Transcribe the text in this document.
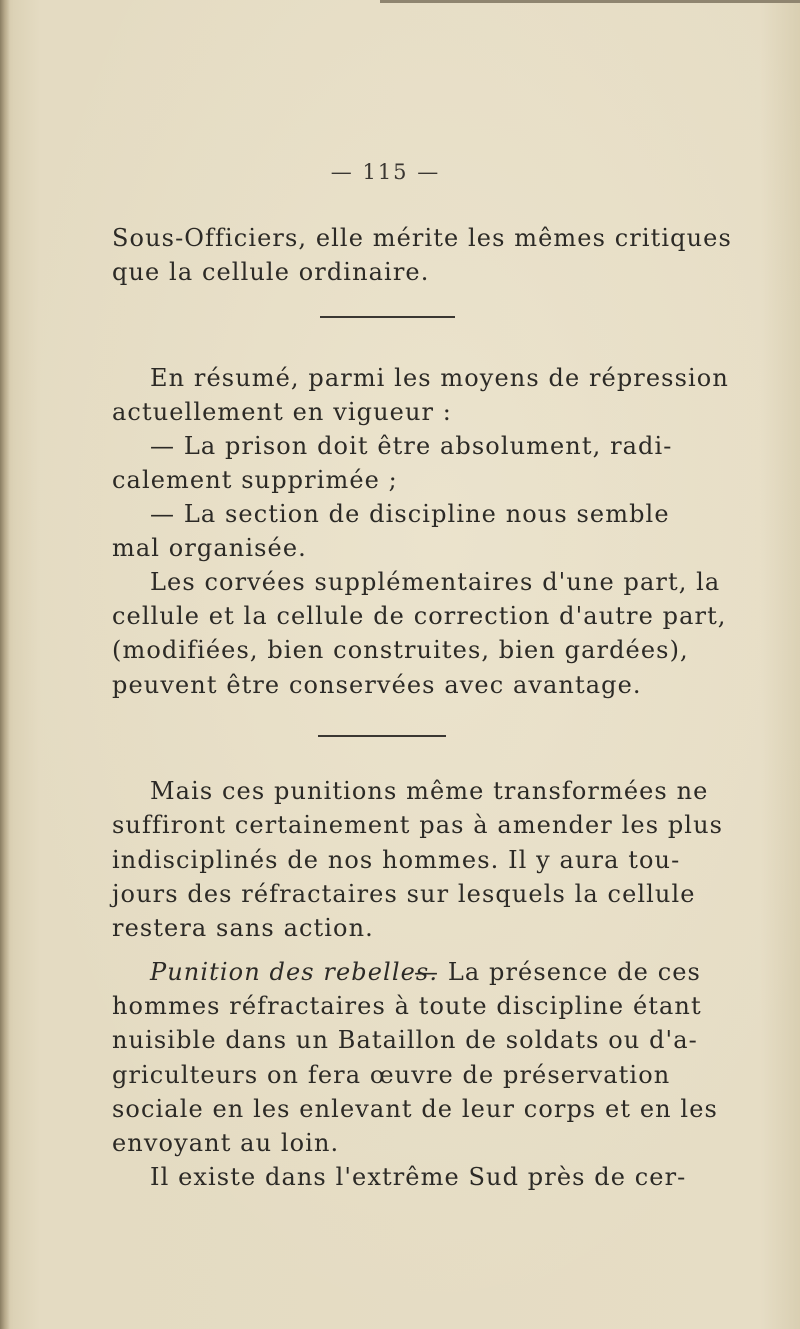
— 115 —
Sous-Officiers, elle mérite les mêmes critiques
que la cellule ordinaire.
En résumé, parmi les moyens de répression
actuellement en vigueur :
— La prison doit être absolument, radi-
calement supprimée ;
— La section de discipline nous semble
mal organisée.
Les corvées supplémentaires d'une part, la
cellule et la cellule de correction d'autre part,
(modifiées, bien construites, bien gardées),
peuvent être conservées avec avantage.
Mais ces punitions même transformées ne
suffiront certainement pas à amender les plus
indisciplinés de nos hommes. Il y aura tou-
jours des réfractaires sur lesquels la cellule
restera sans action.
Punition des rebelles.
— La présence de ces
hommes réfractaires à toute discipline étant
nuisible dans un Bataillon de soldats ou d'a-
griculteurs on fera œuvre de préservation
sociale en les enlevant de leur corps et en les
envoyant au loin.
Il existe dans l'extrême Sud près de cer-
